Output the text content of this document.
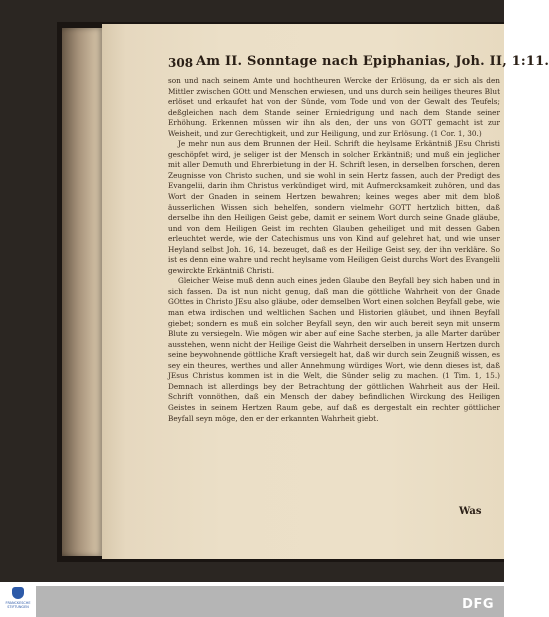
308 Am II. Sonntage nach Epiphanias, Joh. II, 1:11.

son und nach seinem Amte und hochtheuren Wercke der Erlösung, da er sich als den Mittler zwischen GOtt und Menschen erwiesen, und uns durch sein heiliges theures Blut erlöset und erkaufet hat von der Sünde, vom Tode und von der Gewalt des Teufels; deßgleichen nach dem Stande seiner Erniedrigung und nach dem Stande seiner Erhöhung. Erkennen müssen wir ihn als den, der uns von GOTT gemacht ist zur Weisheit, und zur Gerechtigkeit, und zur Heiligung, und zur Erlösung. (1 Cor. 1, 30.)

Je mehr nun aus dem Brunnen der Heil. Schrift die heylsame Erkäntniß JEsu Christi geschöpfet wird, je seliger ist der Mensch in solcher Erkäntniß; und muß ein jeglicher mit aller Demuth und Ehrerbietung in der H. Schrift lesen, in derselben forschen, deren Zeugnisse von Christo suchen, und sie wohl in sein Hertz fassen, auch der Predigt des Evangelii, darin ihm Christus verkündiget wird, mit Aufmercksamkeit zuhören, und das Wort der Gnaden in seinem Hertzen bewahren; keines weges aber mit dem bloß äusserlichen Wissen sich behelfen, sondern vielmehr GOTT hertzlich bitten, daß derselbe ihn den Heiligen Geist gebe, damit er seinem Wort durch seine Gnade gläube, und von dem Heiligen Geist im rechten Glauben geheiliget und mit dessen Gaben erleuchtet werde, wie der Catechismus uns von Kind auf gelehret hat, und wie unser Heyland selbst Joh. 16, 14. bezeuget, daß es der Heilige Geist sey, der ihn verkläre. So ist es denn eine wahre und recht heylsame vom Heiligen Geist durchs Wort des Evangelii gewirckte Erkäntniß Christi.

Gleicher Weise muß denn auch eines jeden Glaube den Beyfall bey sich haben und in sich fassen. Da ist nun nicht genug, daß man die göttliche Wahrheit von der Gnade GOttes in Christo JEsu also gläube, oder demselben Wort einen solchen Beyfall gebe, wie man etwa irdischen und weltlichen Sachen und Historien gläubet, und ihnen Beyfall giebet; sondern es muß ein solcher Beyfall seyn, den wir auch bereit seyn mit unserm Blute zu versiegeln. Wie mögen wir aber auf eine Sache sterben, ja alle Marter darüber ausstehen, wenn nicht der Heilige Geist die Wahrheit derselben in unsern Hertzen durch seine beywohnende göttliche Kraft versiegelt hat, daß wir durch sein Zeugniß wissen, es sey ein theures, werthes und aller Annehmung würdiges Wort, wie denn dieses ist, daß JEsus Christus kommen ist in die Welt, die Sünder selig zu machen. (1 Tim. 1, 15.) Demnach ist allerdings bey der Betrachtung der göttlichen Wahrheit aus der Heil. Schrift vonnöthen, daß ein Mensch der dabey befindlichen Wirckung des Heiligen Geistes in seinem Hertzen Raum gebe, auf daß es dergestalt ein rechter göttlicher Beyfall seyn möge, den er der erkannten Wahrheit giebt.

Was
FRANCKESCHE STIFTUNGEN	DFG
